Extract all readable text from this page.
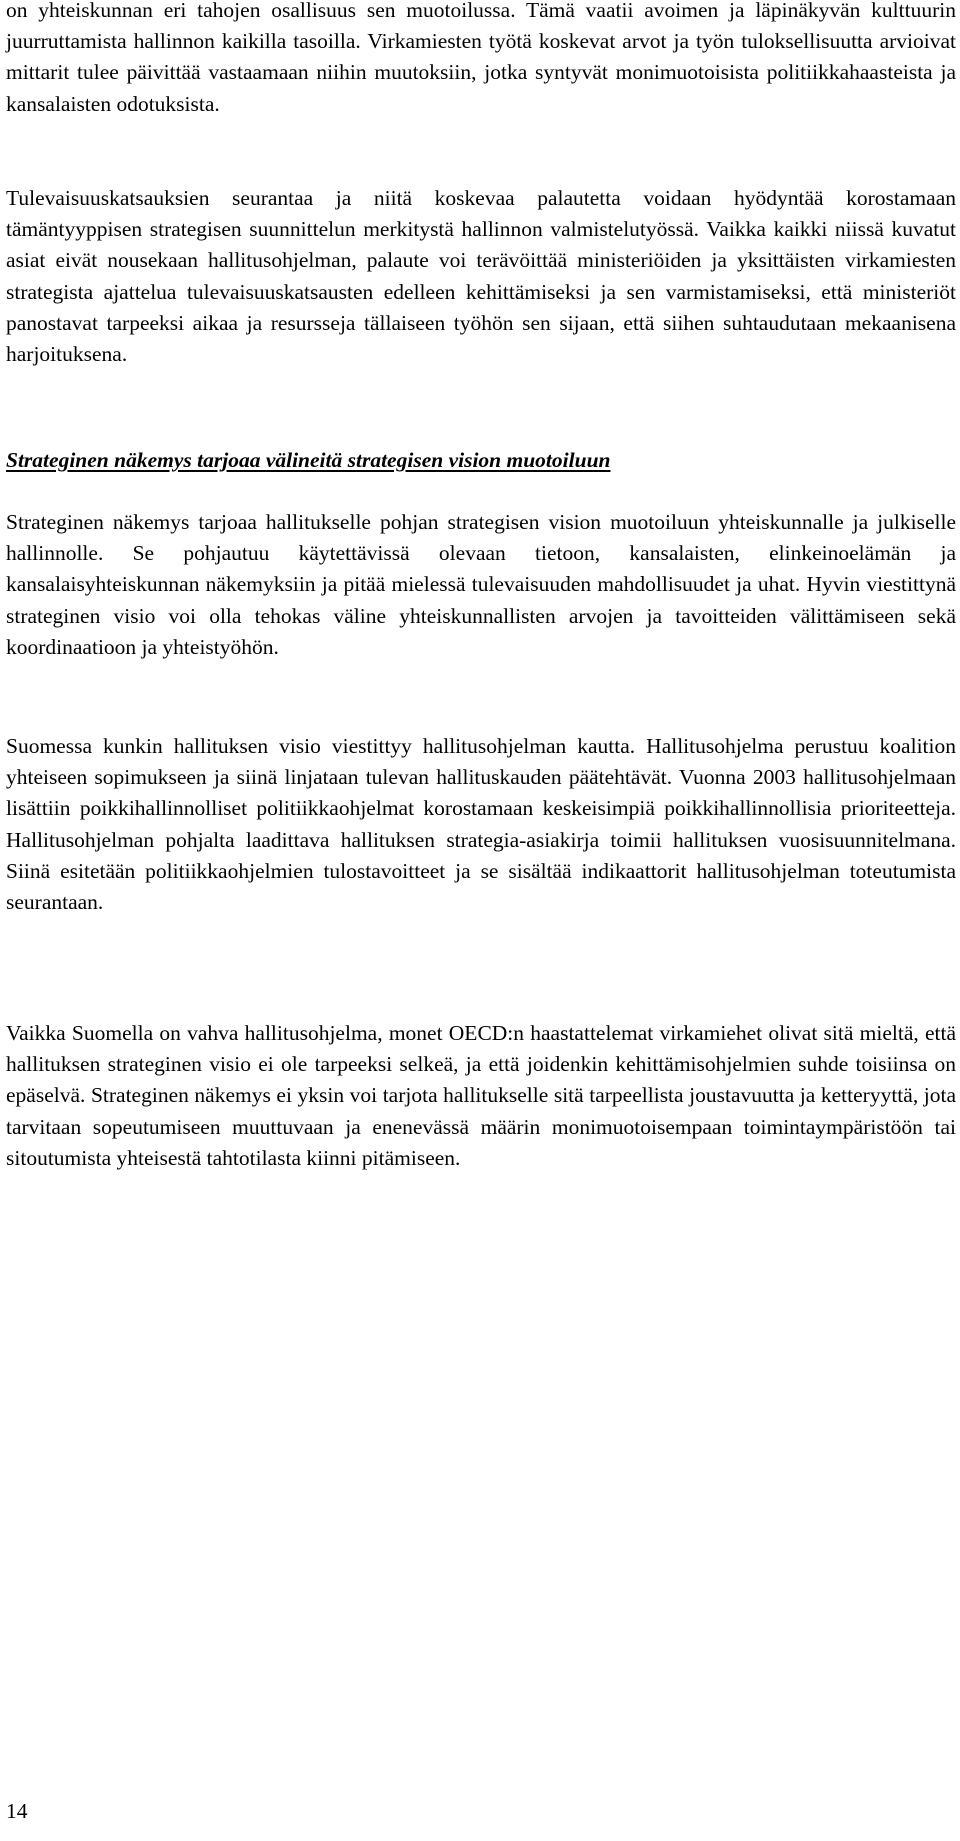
on yhteiskunnan eri tahojen osallisuus sen muotoilussa. Tämä vaatii avoimen ja läpinäkyvän kulttuurin juurruttamista hallinnon kaikilla tasoilla. Virkamiesten työtä koskevat arvot ja työn tuloksellisuutta arvioivat mittarit tulee päivittää vastaamaan niihin muutoksiin, jotka syntyvät monimuotoisista politiikkahaasteista ja kansalaisten odotuksista.

Tulevaisuuskatsauksien seurantaa ja niitä koskevaa palautetta voidaan hyödyntää korostamaan tämäntyyppisen strategisen suunnittelun merkitystä hallinnon valmistelutyössä. Vaikka kaikki niissä kuvatut asiat eivät nousekaan hallitusohjelman, palaute voi terävöittää ministeriöiden ja yksittäisten virkamiesten strategista ajattelua tulevaisuuskatsausten edelleen kehittämiseksi ja sen varmistamiseksi, että ministeriöt panostavat tarpeeksi aikaa ja resursseja tällaiseen työhön sen sijaan, että siihen suhtaudutaan mekaanisena harjoituksena.

Strateginen näkemys tarjoaa välineitä strategisen vision muotoiluun

Strateginen näkemys tarjoaa hallitukselle pohjan strategisen vision muotoiluun yhteiskunnalle ja julkiselle hallinnolle. Se pohjautuu käytettävissä olevaan tietoon, kansalaisten, elinkeinoelämän ja kansalaisyhteiskunnan näkemyksiin ja pitää mielessä tulevaisuuden mahdollisuudet ja uhat. Hyvin viestittynä strateginen visio voi olla tehokas väline yhteiskunnallisten arvojen ja tavoitteiden välittämiseen sekä koordinaatioon ja yhteistyöhön.

Suomessa kunkin hallituksen visio viestittyy hallitusohjelman kautta. Hallitusohjelma perustuu koalition yhteiseen sopimukseen ja siinä linjataan tulevan hallituskauden päätehtävät. Vuonna 2003 hallitusohjelmaan lisättiin poikkihallinnolliset politiikkaohjelmat korostamaan keskeisimpiä poikkihallinnollisia prioriteetteja. Hallitusohjelman pohjalta laadittava hallituksen strategia-asiakirja toimii hallituksen vuosisuunnitelmana. Siinä esitetään politiikkaohjelmien tulostavoitteet ja se sisältää indikaattorit hallitusohjelman toteutumista seurantaan.

Vaikka Suomella on vahva hallitusohjelma, monet OECD:n haastattelemat virkamiehet olivat sitä mieltä, että hallituksen strateginen visio ei ole tarpeeksi selkeä, ja että joidenkin kehittämisohjelmien suhde toisiinsa on epäselvä. Strateginen näkemys ei yksin voi tarjota hallitukselle sitä tarpeellista joustavuutta ja ketteryyttä, jota tarvitaan sopeutumiseen muuttuvaan ja enenevässä määrin monimuotoisempaan toimintaympäristöön tai sitoutumista yhteisestä tahtotilasta kiinni pitämiseen.

14
